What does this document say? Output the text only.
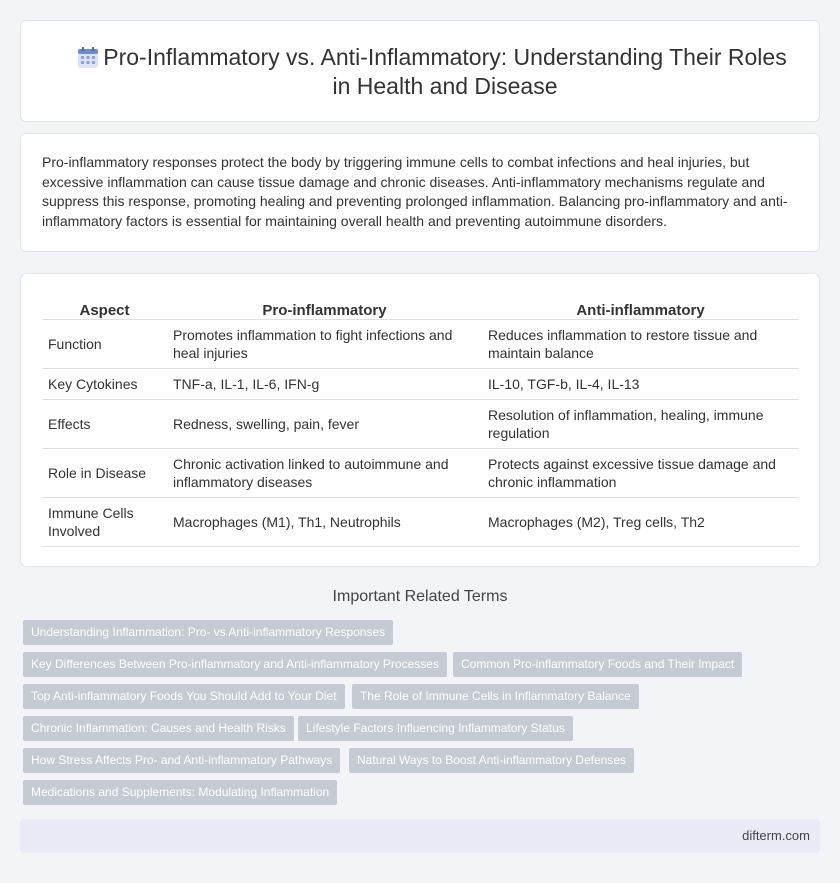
Pro-Inflammatory vs. Anti-Inflammatory: Understanding Their Roles in Health and Disease

Pro-inflammatory responses protect the body by triggering immune cells to combat infections and heal injuries, but excessive inflammation can cause tissue damage and chronic diseases. Anti-inflammatory mechanisms regulate and suppress this response, promoting healing and preventing prolonged inflammation. Balancing pro-inflammatory and anti-inflammatory factors is essential for maintaining overall health and preventing autoimmune disorders.

Aspect	Pro-inflammatory	Anti-inflammatory
Function	Promotes inflammation to fight infections and heal injuries	Reduces inflammation to restore tissue and maintain balance
Key Cytokines	TNF-a, IL-1, IL-6, IFN-g	IL-10, TGF-b, IL-4, IL-13
Effects	Redness, swelling, pain, fever	Resolution of inflammation, healing, immune regulation
Role in Disease	Chronic activation linked to autoimmune and inflammatory diseases	Protects against excessive tissue damage and chronic inflammation
Immune Cells Involved	Macrophages (M1), Th1, Neutrophils	Macrophages (M2), Treg cells, Th2
Important Related Terms
Understanding Inflammation: Pro- vs Anti-inflammatory Responses
Key Differences Between Pro-inflammatory and Anti-inflammatory Processes	Common Pro-inflammatory Foods and Their Impact
Top Anti-inflammatory Foods You Should Add to Your Diet	The Role of Immune Cells in Inflammatory Balance
Chronic Inflammation: Causes and Health Risks	Lifestyle Factors Influencing Inflammatory Status
How Stress Affects Pro- and Anti-inflammatory Pathways	Natural Ways to Boost Anti-inflammatory Defenses
Medications and Supplements: Modulating Inflammation
difterm.com
